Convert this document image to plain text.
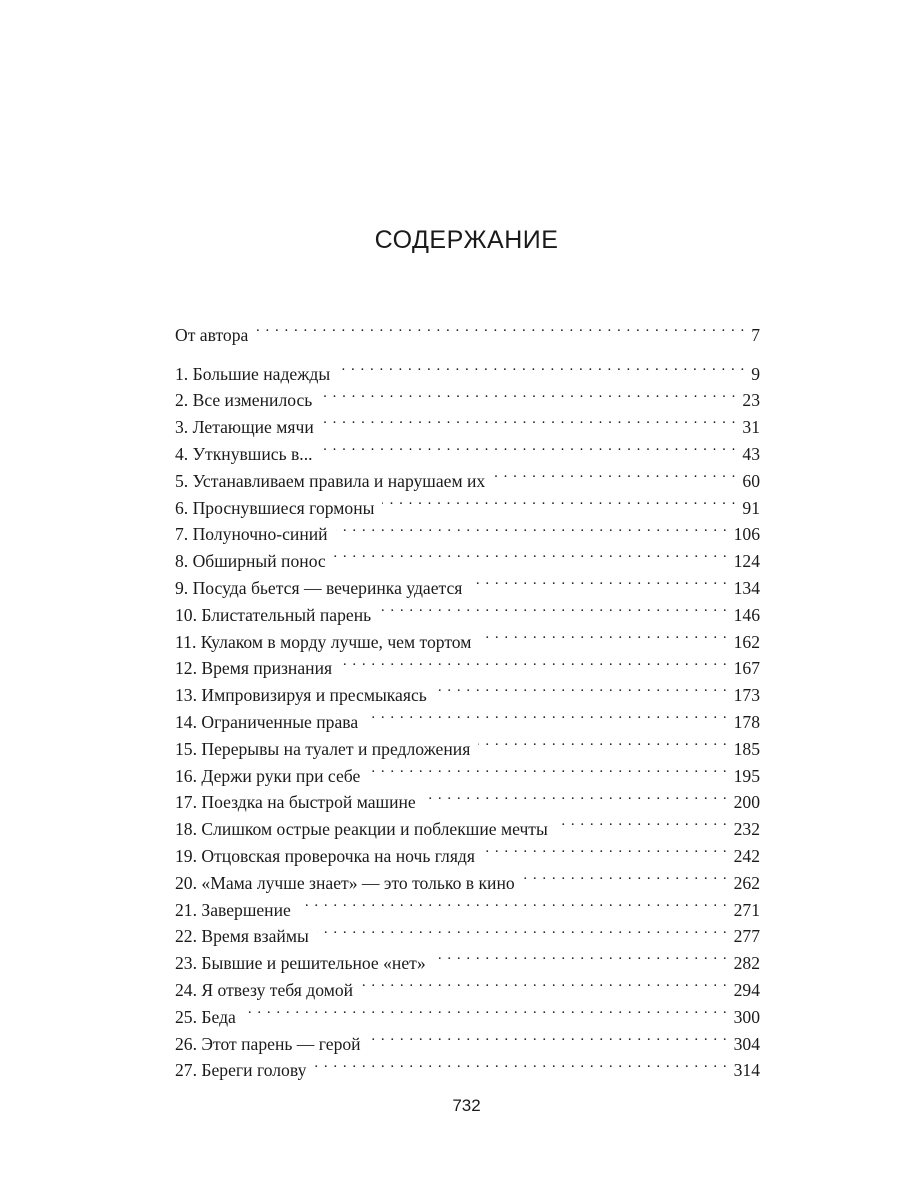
СОДЕРЖАНИЕ
От автора . . .	7
1. Большие надежды . . .	9
2. Все изменилось . . .	23
3. Летающие мячи . . .	31
4. Уткнувшись в... . . .	43
5. Устанавливаем правила и нарушаем их . . .	60
6. Проснувшиеся гормоны . . .	91
7. Полуночно-синий . . .	106
8. Обширный понос . . .	124
9. Посуда бьется — вечеринка удается . . .	134
10. Блистательный парень . . .	146
11. Кулаком в морду лучше, чем тортом . . .	162
12. Время признания . . .	167
13. Импровизируя и пресмыкаясь . . .	173
14. Ограниченные права . . .	178
15. Перерывы на туалет и предложения . . .	185
16. Держи руки при себе . . .	195
17. Поездка на быстрой машине . . .	200
18. Слишком острые реакции и поблекшие мечты . . .	232
19. Отцовская проверочка на ночь глядя . . .	242
20. «Мама лучше знает» — это только в кино . . .	262
21. Завершение . . .	271
22. Время взаймы . . .	277
23. Бывшие и решительное «нет» . . .	282
24. Я отвезу тебя домой . . .	294
25. Беда . . .	300
26. Этот парень — герой . . .	304
27. Береги голову . . .	314
732
